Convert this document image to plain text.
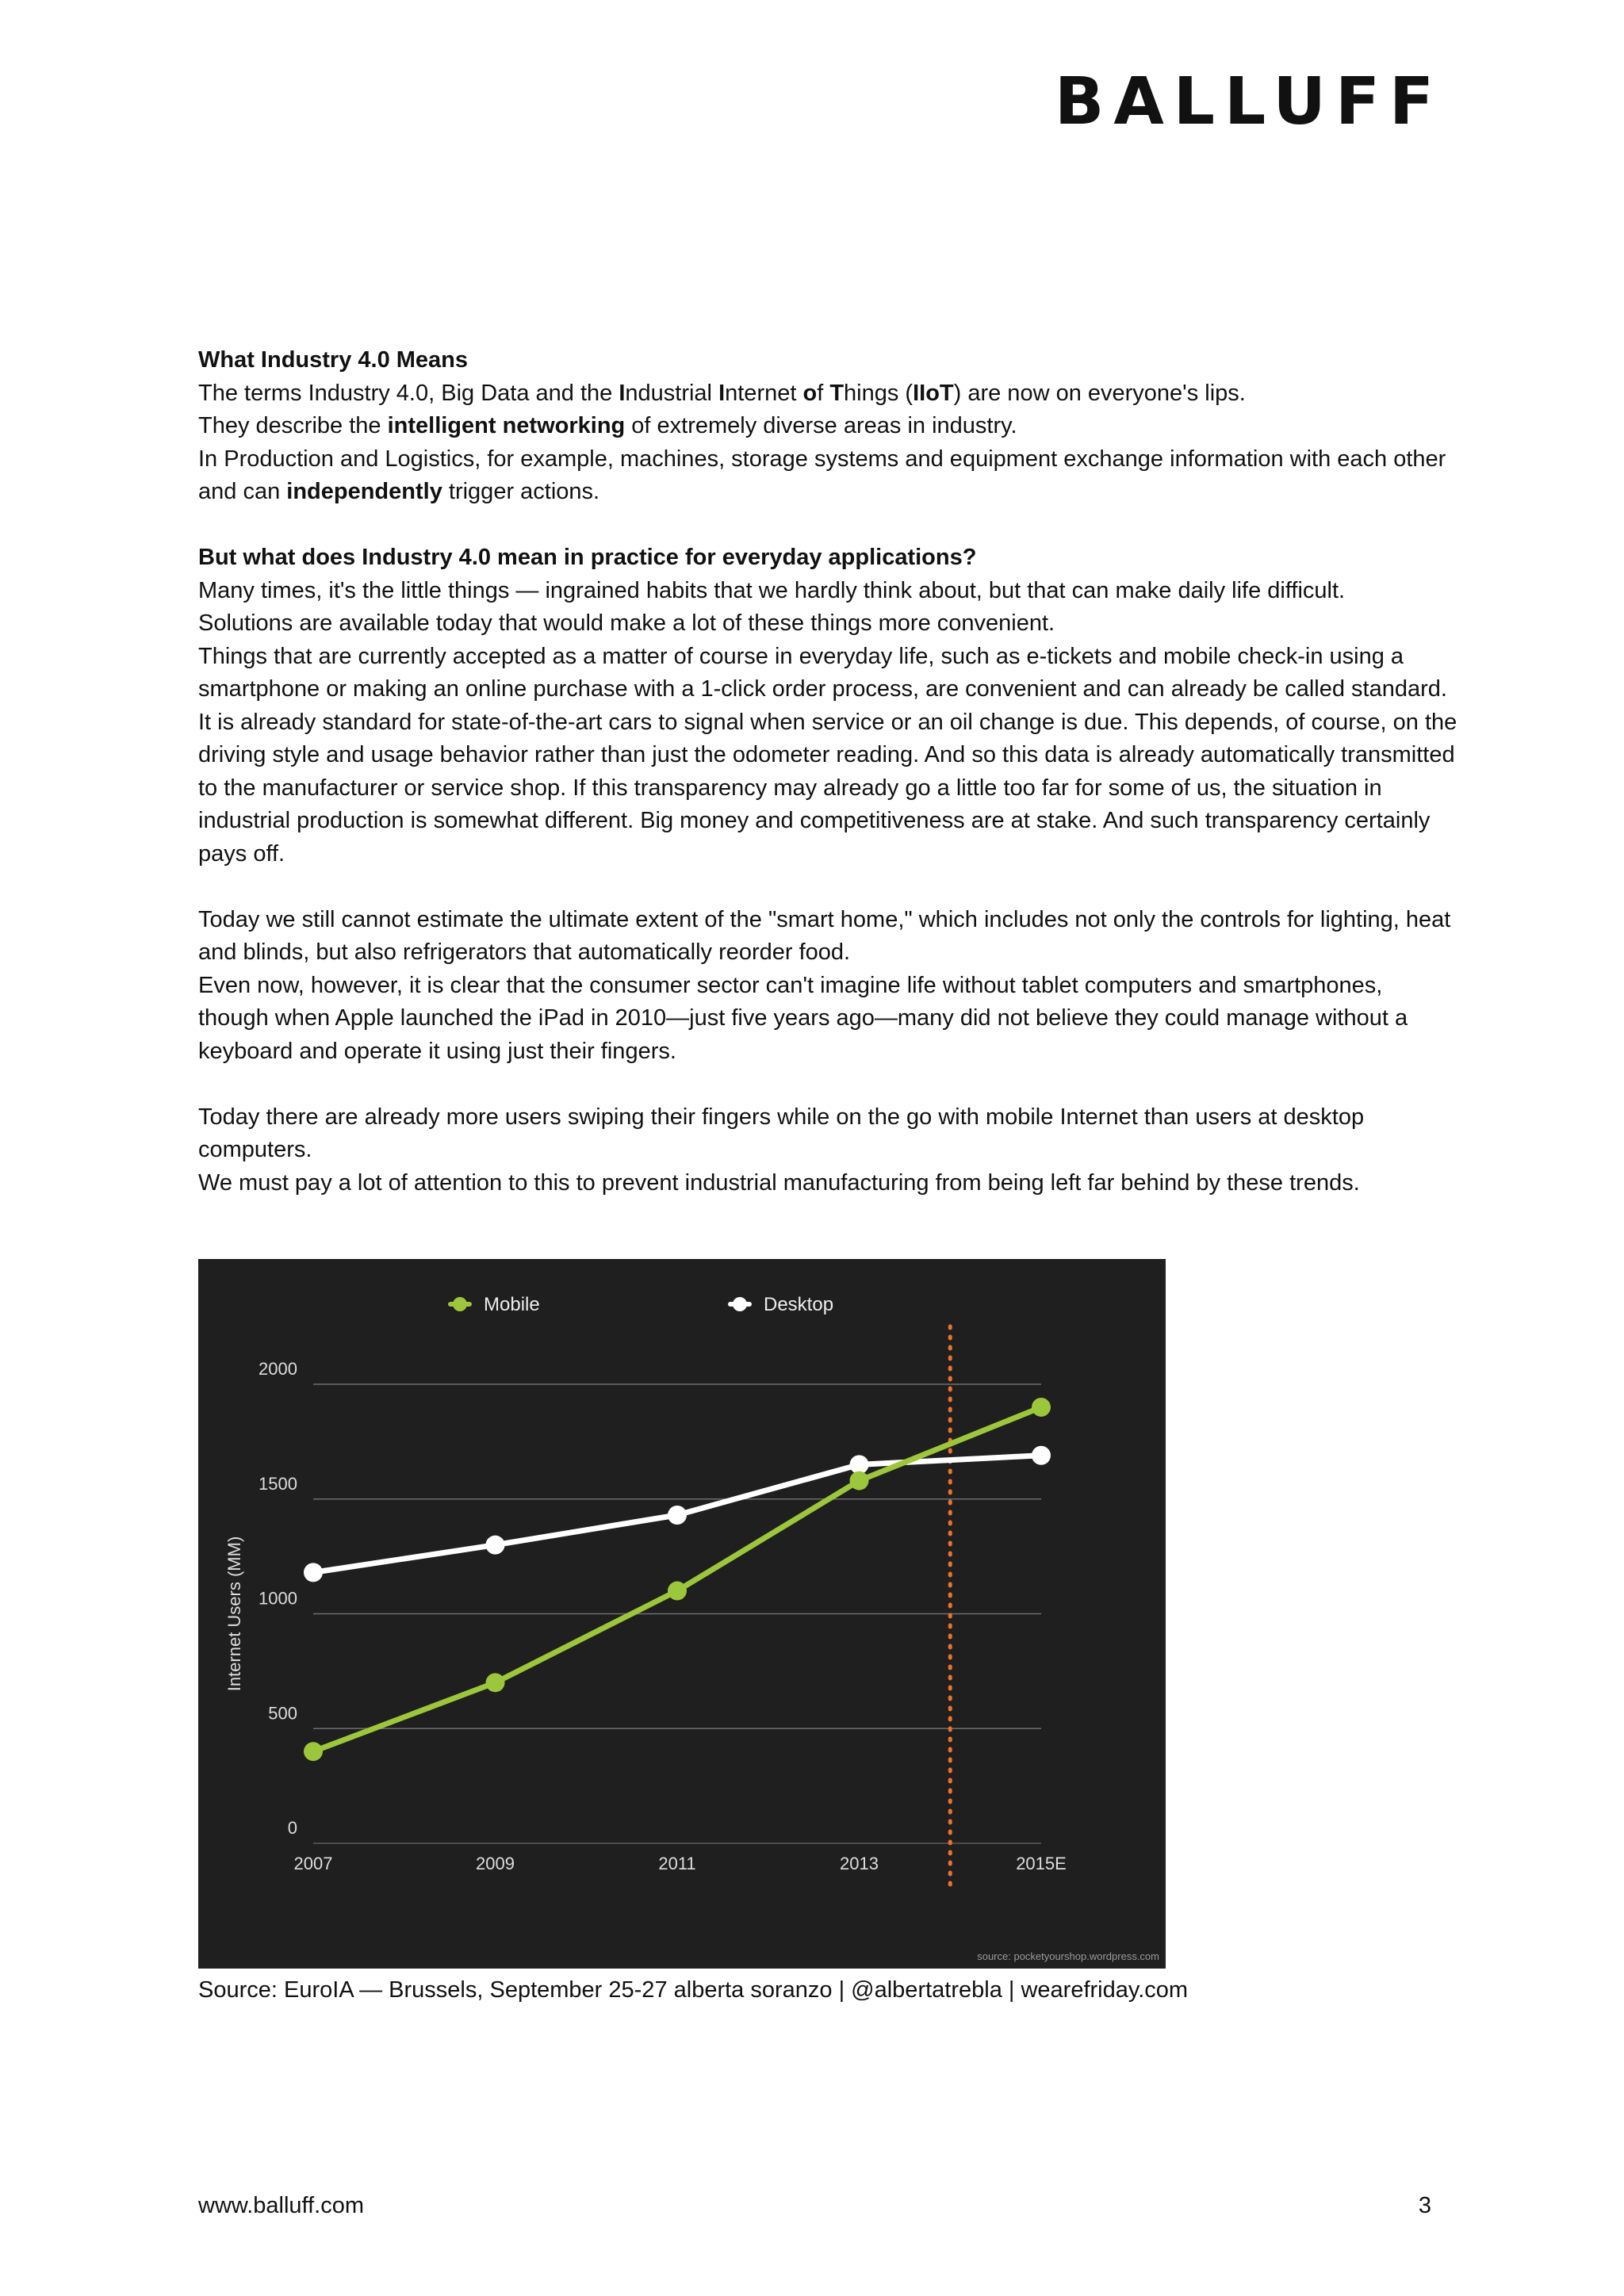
BALLUFF

What Industry 4.0 Means

The terms Industry 4.0, Big Data and the Industrial Internet of Things (IIoT) are now on everyone's lips.

They describe the intelligent networking of extremely diverse areas in industry.

In Production and Logistics, for example, machines, storage systems and equipment exchange information with each other and can independently trigger actions.

But what does Industry 4.0 mean in practice for everyday applications?

Many times, it's the little things — ingrained habits that we hardly think about, but that can make daily life difficult.

Solutions are available today that would make a lot of these things more convenient.

Things that are currently accepted as a matter of course in everyday life, such as e-tickets and mobile check-in using a smartphone or making an online purchase with a 1-click order process, are convenient and can already be called standard.

It is already standard for state-of-the-art cars to signal when service or an oil change is due. This depends, of course, on the driving style and usage behavior rather than just the odometer reading. And so this data is already automatically transmitted to the manufacturer or service shop. If this transparency may already go a little too far for some of us, the situation in industrial production is somewhat different. Big money and competitiveness are at stake. And such transparency certainly pays off.

Today we still cannot estimate the ultimate extent of the "smart home," which includes not only the controls for lighting, heat and blinds, but also refrigerators that automatically reorder food.

Even now, however, it is clear that the consumer sector can't imagine life without tablet computers and smartphones, though when Apple launched the iPad in 2010—just five years ago—many did not believe they could manage without a keyboard and operate it using just their fingers.

Today there are already more users swiping their fingers while on the go with mobile Internet than users at desktop computers.

We must pay a lot of attention to this to prevent industrial manufacturing from being left far behind by these trends.

0
500
1000
1500
2000
2007	2009	2011	2013	2015E
Internet Users (MM)
Mobile	Desktop
source: pocketyourshop.wordpress.com
Source: EuroIA — Brussels, September 25-27 alberta soranzo | @albertatrebla | wearefriday.com
www.balluff.com	3
